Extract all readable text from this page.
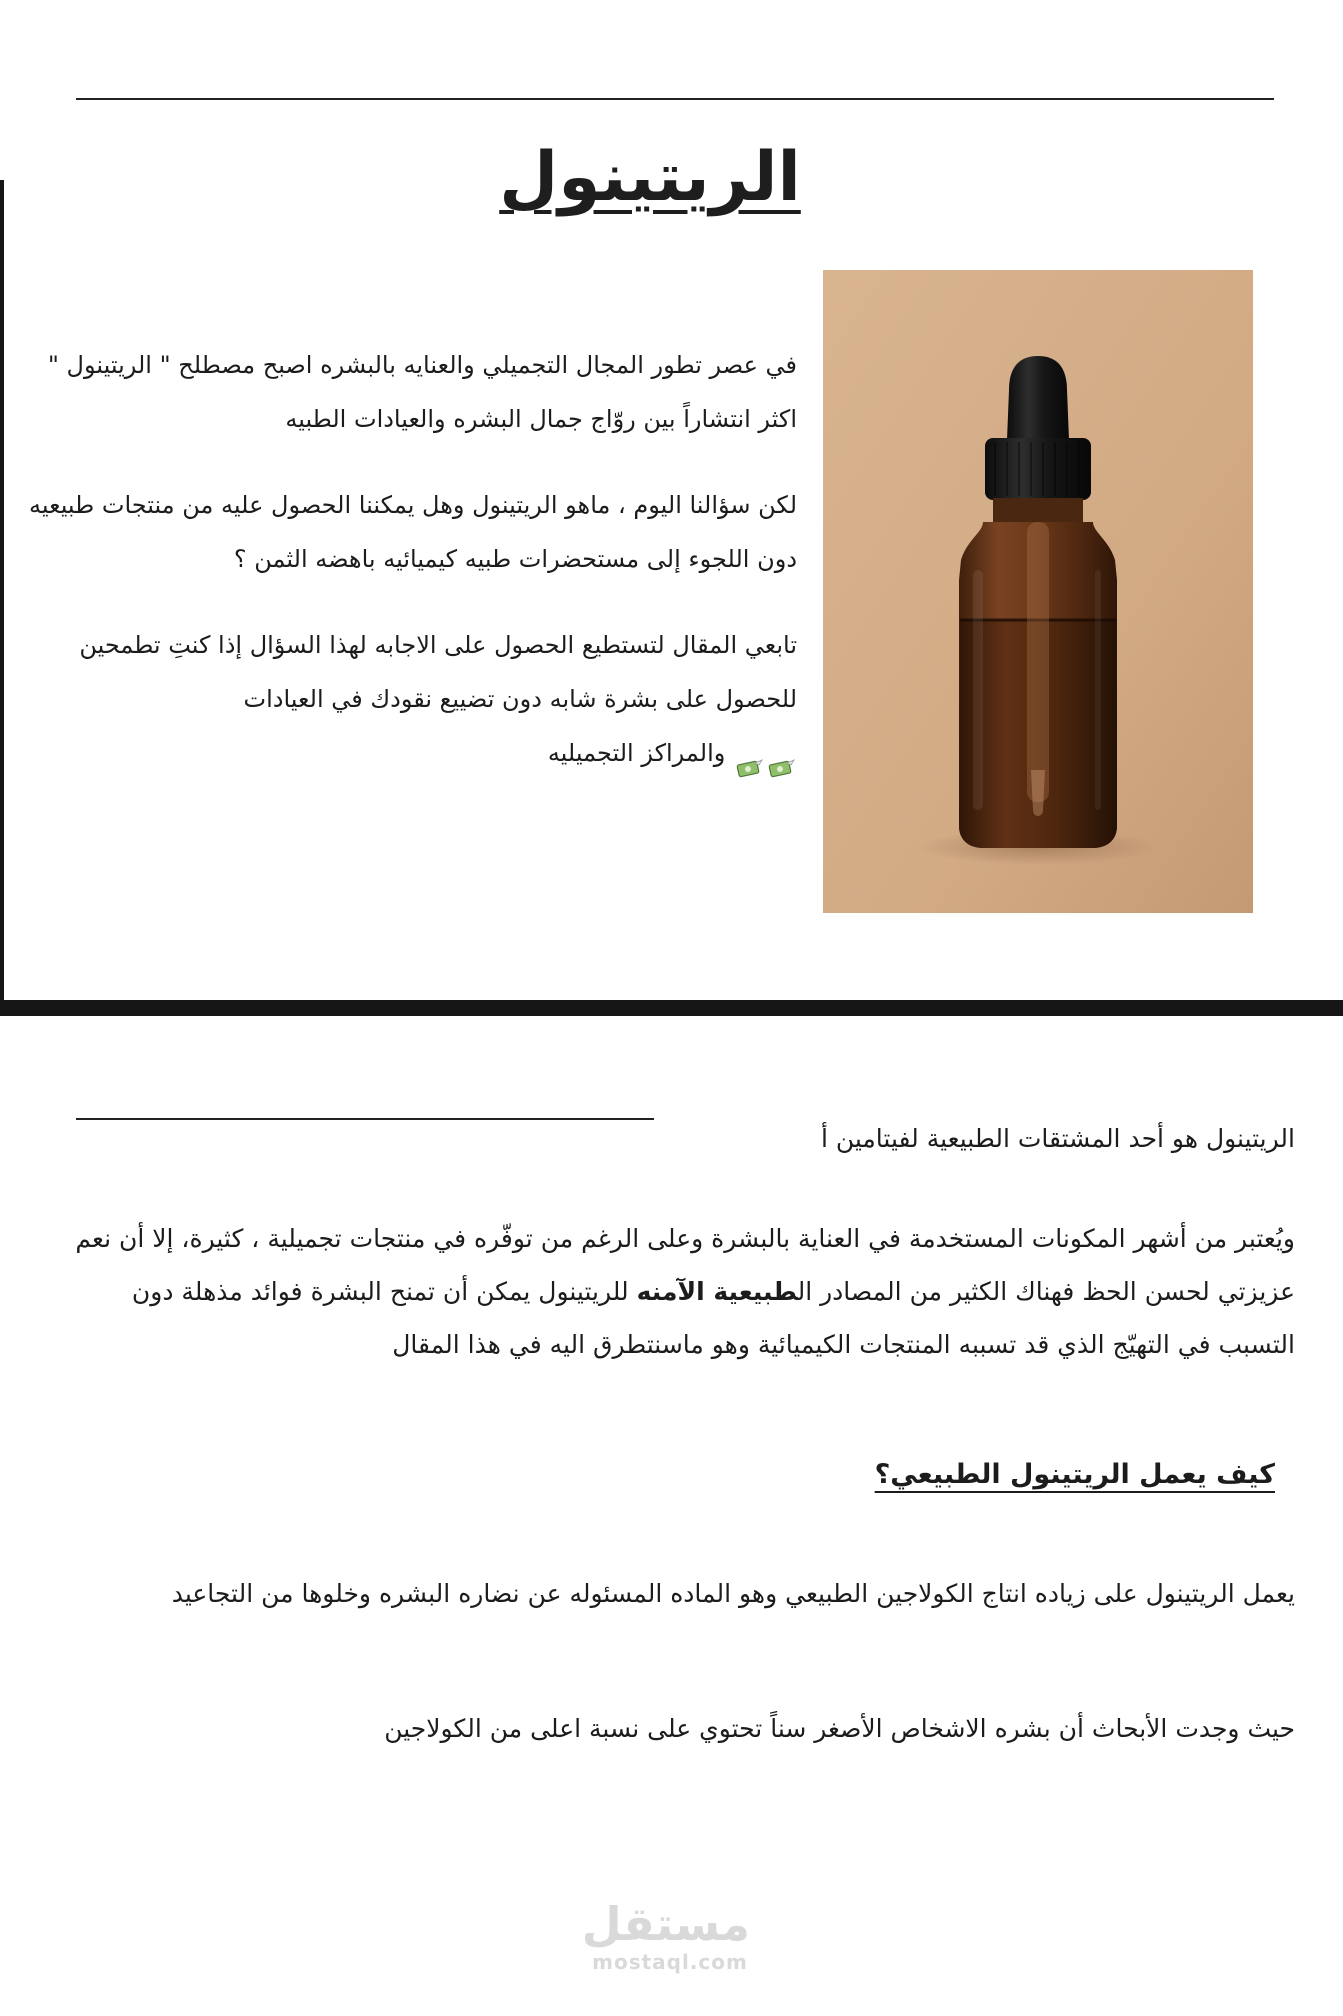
الريتينول
في عصر تطور المجال التجميلي والعنايه بالبشره اصبح مصطلح " الريتينول " اكثر انتشاراً بين روّاج جمال البشره والعيادات الطبيه
لكن سؤالنا اليوم ، ماهو الريتينول وهل يمكننا الحصول عليه من منتجات طبيعيه دون اللجوء إلى مستحضرات طبيه كيميائيه باهضه الثمن ؟
تابعي المقال لتستطيع الحصول على الاجابه لهذا السؤال إذا كنتِ تطمحين للحصول على بشرة شابه دون تضييع نقودك في العيادات
والمراكز التجميليه
الريتينول هو أحد المشتقات الطبيعية لفيتامين أ
ويُعتبر من أشهر المكونات المستخدمة في العناية بالبشرة وعلى الرغم من توفّره في منتجات تجميلية ، كثيرة، إلا أن نعم عزيزتي لحسن الحظ فهناك الكثير من المصادر الطبيعية الآمنه للريتينول يمكن أن تمنح البشرة فوائد مذهلة دون التسبب في التهيّج الذي قد تسببه المنتجات الكيميائية وهو ماسنتطرق اليه في هذا المقال
كيف يعمل الريتينول الطبيعي؟
يعمل الريتينول على زياده انتاج الكولاجين الطبيعي وهو الماده المسئوله عن نضاره البشره وخلوها من التجاعيد
حيث وجدت الأبحاث أن بشره الاشخاص الأصغر سناً تحتوي على نسبة اعلى من الكولاجين
مستقل
mostaql.com
